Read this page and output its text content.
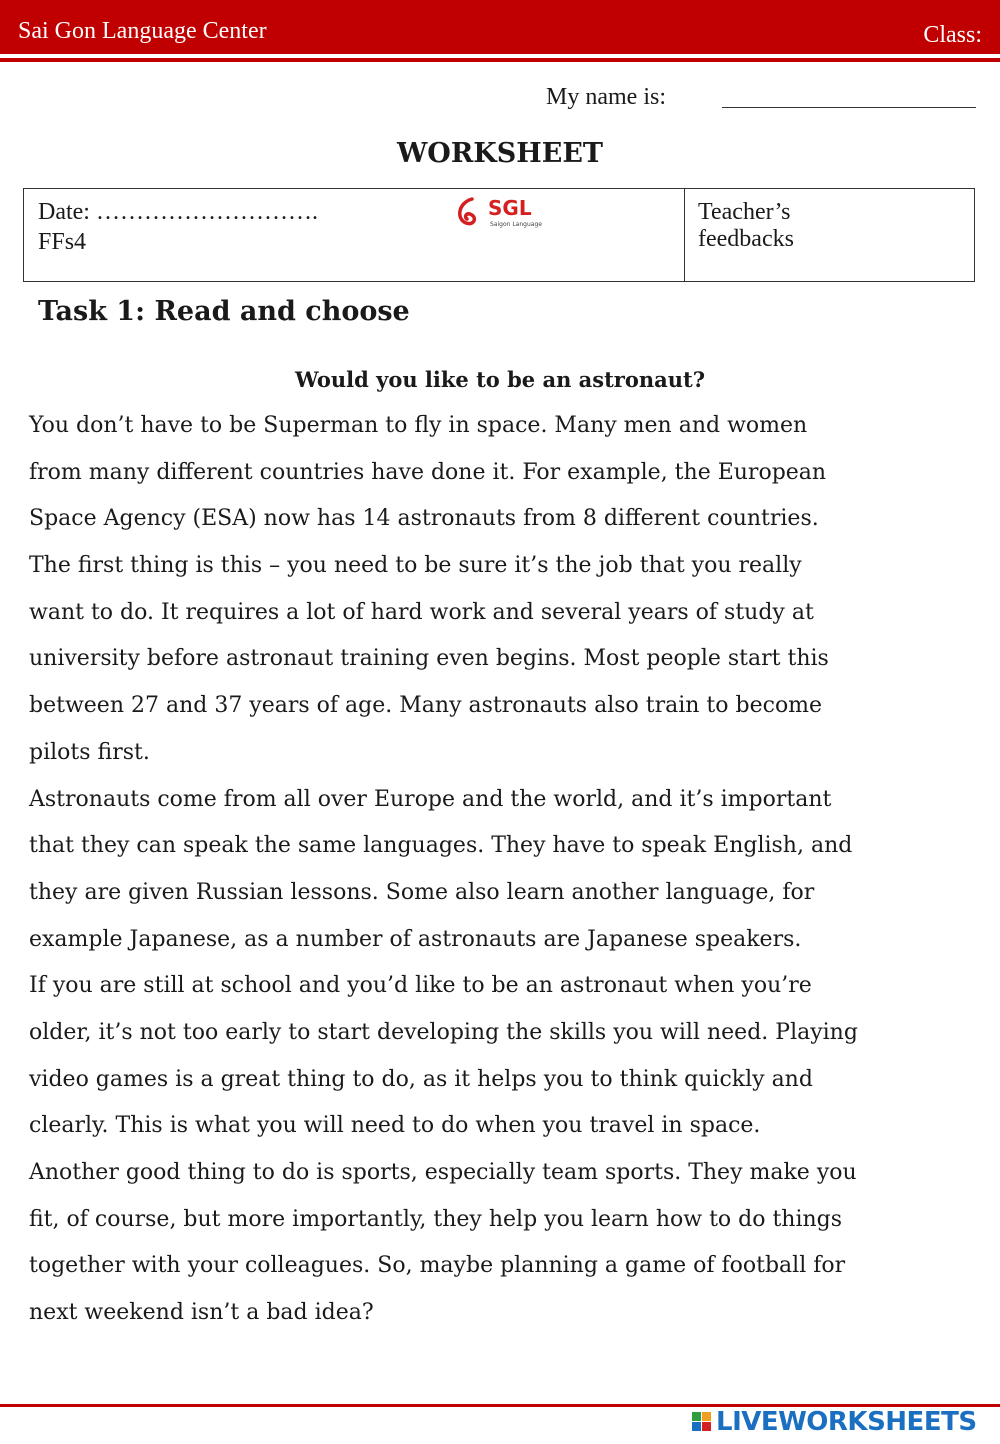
Sai Gon Language Center	Class:
My name is:
WORKSHEET
Date: ……………………….
FFs4
SGL
Saigon Language	Teacher’s feedbacks
Task 1: Read and choose
Would you like to be an astronaut?
You don’t have to be Superman to fly in space. Many men and women
from many different countries have done it. For example, the European
Space Agency (ESA) now has 14 astronauts from 8 different countries.
The first thing is this – you need to be sure it’s the job that you really
want to do. It requires a lot of hard work and several years of study at
university before astronaut training even begins. Most people start this
between 27 and 37 years of age. Many astronauts also train to become
pilots first.
Astronauts come from all over Europe and the world, and it’s important
that they can speak the same languages. They have to speak English, and
they are given Russian lessons. Some also learn another language, for
example Japanese, as a number of astronauts are Japanese speakers.
If you are still at school and you’d like to be an astronaut when you’re
older, it’s not too early to start developing the skills you will need. Playing
video games is a great thing to do, as it helps you to think quickly and
clearly. This is what you will need to do when you travel in space.
Another good thing to do is sports, especially team sports. They make you
fit, of course, but more importantly, they help you learn how to do things
together with your colleagues. So, maybe planning a game of football for
next weekend isn’t a bad idea?
LIVEWORKSHEETS
